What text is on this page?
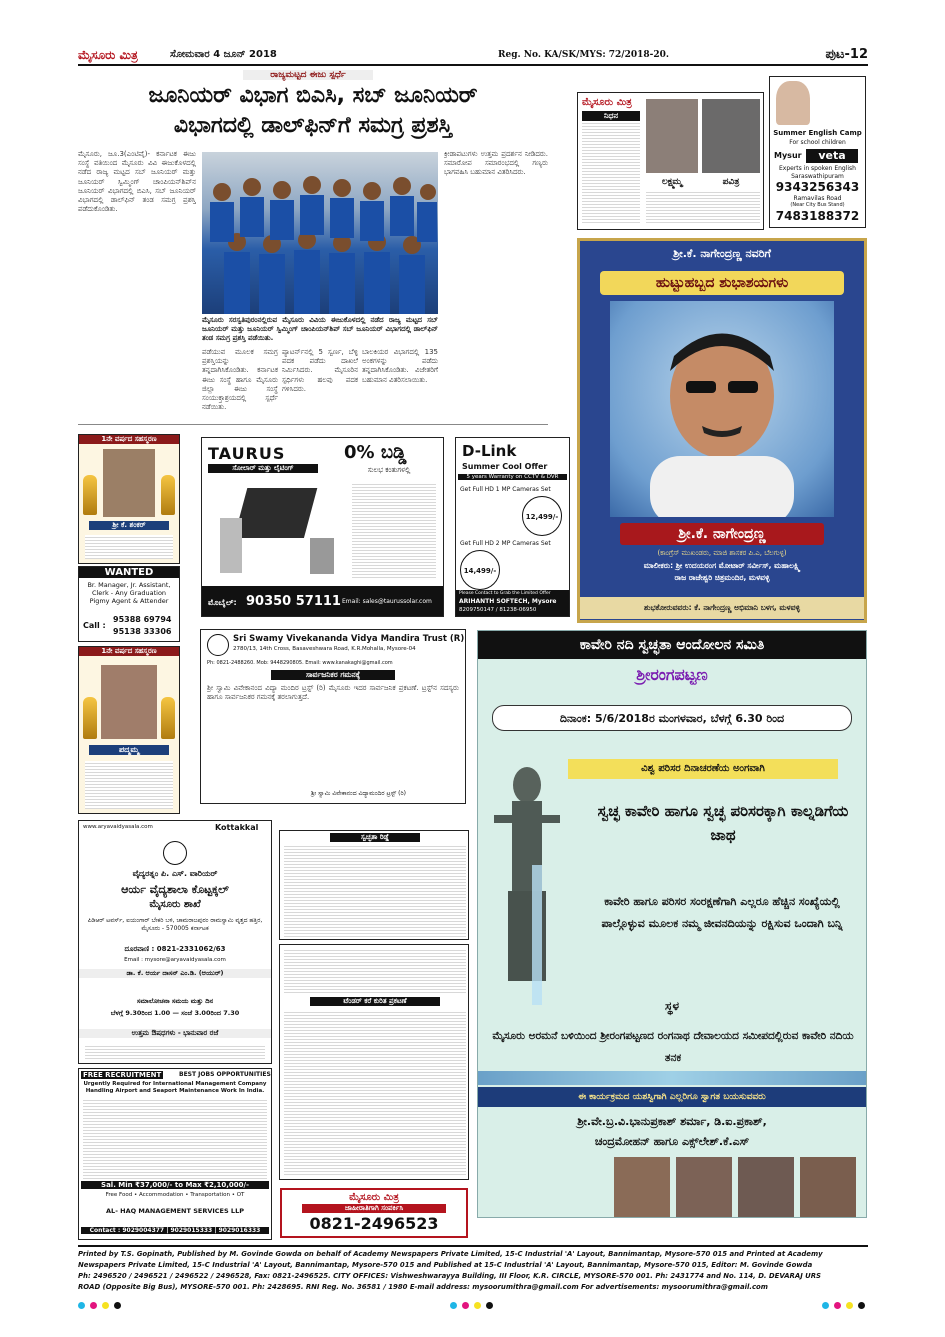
ಮೈಸೂರು ಮಿತ್ರ	ಸೋಮವಾರ 4 ಜೂನ್ 2018	Reg. No. KA/SK/MYS: 72/2018-20.	ಪುಟ-12
ರಾಜ್ಯಮಟ್ಟದ ಈಜು ಸ್ಪರ್ಧೆ
ಜೂನಿಯರ್ ವಿಭಾಗ ಬಿಎಸಿ, ಸಬ್ ಜೂನಿಯರ್
ವಿಭಾಗದಲ್ಲಿ ಡಾಲ್‌ಫಿನ್‌ಗೆ ಸಮಗ್ರ ಪ್ರಶಸ್ತಿ
ಮೈಸೂರು, ಜೂ.3(ಎಂಟಿವೈ)- ಕರ್ನಾಟಕ ಈಜು ಸಂಸ್ಥೆ ವತಿಯಿಂದ ಮೈಸೂರು ವಿವಿ ಈಜುಕೊಳದಲ್ಲಿ ನಡೆದ ರಾಜ್ಯ ಮಟ್ಟದ ಸಬ್ ಜೂನಿಯರ್ ಮತ್ತು ಜೂನಿಯರ್ ಸ್ವಿಮ್ಮಿಂಗ್ ಚಾಂಪಿಯನ್‌ಶಿಪ್‌ನ ಜೂನಿಯರ್ ವಿಭಾಗದಲ್ಲಿ ಬಿಎಸಿ, ಸಬ್ ಜೂನಿಯರ್ ವಿಭಾಗದಲ್ಲಿ ಡಾಲ್‌ಫಿನ್ ತಂಡ ಸಮಗ್ರ ಪ್ರಶಸ್ತಿ ಪಡೆದುಕೊಂಡಿತು.
ಮೈಸೂರು ಸರಸ್ವತಿಪುರಂನಲ್ಲಿರುವ ಮೈಸೂರು ವಿವಿಯ ಈಜುಕೊಳದಲ್ಲಿ ನಡೆದ ರಾಜ್ಯ ಮಟ್ಟದ ಸಬ್ ಜೂನಿಯರ್ ಮತ್ತು ಜೂನಿಯರ್ ಸ್ವಿಮ್ಮಿಂಗ್ ಚಾಂಪಿಯನ್‌ಶಿಪ್ ಸಬ್ ಜೂನಿಯರ್ ವಿಭಾಗದಲ್ಲಿ ಡಾಲ್‌ಫಿನ್ ತಂಡ ಸಮಗ್ರ ಪ್ರಶಸ್ತಿ ಪಡೆಯಿತು.
ಪಡೆಯುವ ಮೂಲಕ ಸಮಗ್ರ ಪ್ರಶಸ್ತಿಯನ್ನು ತನ್ನದಾಗಿಸಿಕೊಂಡಿತು. ಕರ್ನಾಟಕ ಈಜು ಸಂಸ್ಥೆ ಹಾಗೂ ಮೈಸೂರು ಜಿಲ್ಲಾ ಈಜು ಸಂಸ್ಥೆ ಸಂಯುಕ್ತಾಶ್ರಯದಲ್ಲಿ ಸ್ಪರ್ಧೆ ನಡೆಯಿತು.
ಪ್ಯಾಟರ್ನ್‌ನಲ್ಲಿ 5 ಸ್ವರ್ಣ, ಬೆಳ್ಳಿ ಪದಕ ಪಡೆದು ದಾಖಲೆ ನಿರ್ಮಿಸಿದರು. ಮೈಸೂರಿನ ಸ್ಪರ್ಧಿಗಳು ಹಲವು ಪದಕ ಗಳಿಸಿದರು.
ಬಾಲಕಿಯರ ವಿಭಾಗದಲ್ಲಿ 135 ಅಂಕಗಳನ್ನು ಪಡೆದು ತನ್ನದಾಗಿಸಿಕೊಂಡಿತು. ವಿಜೇತರಿಗೆ ಬಹುಮಾನ ವಿತರಿಸಲಾಯಿತು.
ಕ್ರೀಡಾಪಟುಗಳು ಉತ್ತಮ ಪ್ರದರ್ಶನ ನೀಡಿದರು. ಸಮಾರೋಪ ಸಮಾರಂಭದಲ್ಲಿ ಗಣ್ಯರು ಭಾಗವಹಿಸಿ ಬಹುಮಾನ ವಿತರಿಸಿದರು.
ಮೈಸೂರು ಮಿತ್ರ
ನಿಧನ
ಲಕ್ಷ್ಮಮ್ಮ	ಪವಿತ್ರ
Summer English Camp
For school children
Mysur	veta
Experts in spoken English
Saraswathipuram
9343256343
Ramavilas Road
(Near City Bus Stand)
7483188372
ಶ್ರೀ.ಕೆ. ನಾಗೇಂದ್ರಣ್ಣ ನವರಿಗೆ
ಹುಟ್ಟುಹಬ್ಬದ ಶುಭಾಶಯಗಳು
ಶ್ರೀ.ಕೆ. ನಾಗೇಂದ್ರಣ್ಣ
(ಕಾಂಗ್ರೆಸ್ ಮುಖಂಡರು, ಮಾಜಿ ಶಾಸಕರ ಪಿ.ಎ, ಬೆಲಗುಳ್ಳ)
ಮಾಲೀಕರು: ಶ್ರೀ ಉದಯರಂಗ ಮೋಟಾರ್ ಸರ್ವೀಸ್, ಮಹಾಲಕ್ಷ್ಮಿ
ರಾಜ ರಾಜೇಶ್ವರಿ ಚಿತ್ರಮಂದಿರ, ಮಳವಳ್ಳಿ
ಶುಭಕೋರುವವರು: ಕೆ. ನಾಗೇಂದ್ರಣ್ಣ ಅಭಿಮಾನಿ ಬಳಗ, ಮಳವಳ್ಳಿ
1ನೇ ವರ್ಷದ ಸಹಸ್ಮರಣ
ಶ್ರೀ ಕೆ. ಶಂಕರ್
WANTED
Br. Manager, Jr. Assistant, Clerk - Any Graduation Pigmy Agent & Attender
Call :
95388 69794
95138 33306
1ನೇ ವರ್ಷದ ಸಹಸ್ಮರಣ
ಪದ್ಮಮ್ಮ
TAURUS	0% ಬಡ್ಡಿ
ಸುಲಭ ಕಂತುಗಳಲ್ಲಿ
ಸೋಲಾರ್ ಮತ್ತು ಲೈಟಿಂಗ್
ಮೊಬೈಲ್: 90350 57111 Email: sales@taurussolar.com
D-Link
Summer Cool Offer
5 years Warranty on CCTV & DVR
Get Full HD 1 MP Cameras Set
12,499/-
Get Full HD 2 MP Cameras Set
14,499/-
Please Contact to Grab the Limited Offer
ARIHANTH SOFTECH, Mysore
8209750147 / 81238-06950
Sri Swamy Vivekananda Vidya Mandira Trust (R)
2780/13, 14th Cross, Basaveshwara Road, K.R.Mohalla, Mysore-04
Ph: 0821-2488260. Mob: 9448290805. Email: www.kanakaghi@gmail.com
ಸಾರ್ವಜನಿಕರ ಗಮನಕ್ಕೆ
ಶ್ರೀ ಸ್ವಾಮಿ ವಿವೇಕಾನಂದ ವಿದ್ಯಾ ಮಂದಿರ ಟ್ರಸ್ಟ್ (ರಿ) ಮೈಸೂರು ಇದರ ಸಾರ್ವಜನಿಕ ಪ್ರಕಟಣೆ. ಟ್ರಸ್ಟ್‌ನ ಸದಸ್ಯರು ಹಾಗೂ ಸಾರ್ವಜನಿಕರ ಗಮನಕ್ಕೆ ತರಲಾಗುತ್ತದೆ.
ಶ್ರೀ ಸ್ವಾಮಿ ವಿವೇಕಾನಂದ ವಿದ್ಯಾಮಂದಿರ ಟ್ರಸ್ಟ್ (ರಿ)
ಕಾವೇರಿ ನದಿ ಸ್ವಚ್ಛತಾ ಆಂದೋಲನ ಸಮಿತಿ
ಶ್ರೀರಂಗಪಟ್ಟಣ
ದಿನಾಂಕ: 5/6/2018ರ ಮಂಗಳವಾರ, ಬೆಳಗ್ಗೆ 6.30 ರಿಂದ
ವಿಶ್ವ ಪರಿಸರ ದಿನಾಚರಣೆಯ ಅಂಗವಾಗಿ
ಸ್ವಚ್ಛ ಕಾವೇರಿ ಹಾಗೂ ಸ್ವಚ್ಛ ಪರಿಸರಕ್ಕಾಗಿ ಕಾಲ್ನಡಿಗೆಯ ಜಾಥ
ಕಾವೇರಿ ಹಾಗೂ ಪರಿಸರ ಸಂರಕ್ಷಣೆಗಾಗಿ ಎಲ್ಲರೂ ಹೆಚ್ಚಿನ ಸಂಖ್ಯೆಯಲ್ಲಿ ಪಾಲ್ಗೊಳ್ಳುವ ಮೂಲಕ ನಮ್ಮ ಜೀವನದಿಯನ್ನು ರಕ್ಷಿಸುವ ಒಂದಾಗಿ ಬನ್ನಿ
ಸ್ಥಳ
ಮೈಸೂರು ಅರಮನೆ ಬಳಿಯಿಂದ ಶ್ರೀರಂಗಪಟ್ಟಣದ ರಂಗನಾಥ ದೇವಾಲಯದ ಸಮೀಪದಲ್ಲಿರುವ ಕಾವೇರಿ ನದಿಯ ತನಕ
ಈ ಕಾರ್ಯಕ್ರಮದ ಯಶಸ್ವಿಗಾಗಿ ಎಲ್ಲರಿಗೂ ಸ್ವಾಗತ ಬಯಸುವವರು
ಶ್ರೀ.ವೇ.ಬ್ರ.ವಿ.ಭಾನುಪ್ರಕಾಶ್ ಶರ್ಮಾ, ಡಿ.ಐ.ಪ್ರಕಾಶ್,
ಚಂದ್ರಮೋಹನ್ ಹಾಗೂ ಎಕ್ಸ್‌ಲೇಶ್.ಕೆ.ಎಸ್
www.aryavaidyasala.com	Kottakkal
ವೈದ್ಯರತ್ನಂ ಪಿ. ಎಸ್. ವಾರಿಯರ್
ಆರ್ಯ ವೈದ್ಯಶಾಲಾ ಕೊಟ್ಟಕ್ಕಲ್
ಮೈಸೂರು ಶಾಖೆ
ಪಿಡಿಆರ್ ಟವರ್ಸ್, ಐಯಂಗಾರ್ ಬೇಕರಿ ಬಳಿ, ಚಾಮರಾಜಪುರಂ ರಾಮಸ್ವಾಮಿ ವೃತ್ತದ ಹತ್ತಿರ, ಮೈಸೂರು - 570005 ಕರ್ನಾಟಕ
ದೂರವಾಣಿ : 0821-2331062/63
Email : mysore@aryavaidyasala.com
ಡಾ. ಕೆ. ಆರ್ಯ ದಾಸನ್ ಎಂ.ಡಿ. (ಆಯುರ್)
ಸಮಾಲೋಚನಾ ಸಮಯ ಮತ್ತು ದಿನ
ಬೆಳಗ್ಗೆ 9.30ರಿಂದ 1.00 — ಸಂಜೆ 3.00ರಿಂದ 7.30
ಉತ್ತಮ ಔಷಧಗಳು - ಭಾನುವಾರ ರಜೆ
FREE RECRUITMENT	BEST JOBS OPPORTUNITIES
Urgently Required for International Management Company Handling Airport and Seaport Maintenance Work In India.
Sal. Min ₹37,000/- to Max ₹2,10,000/-
Free Food • Accommodation • Transportation • OT
AL- HAQ MANAGEMENT SERVICES LLP
Contact : 9029004377 | 9029015333 | 9029016333
ಸ್ವಚ್ಛತಾ ರಿಡ್ಡೆ
ಟೆಂಡರ್ ಕರೆ ಕುರಿತ ಪ್ರಕಟಣೆ
ಮೈಸೂರು ಮಿತ್ರ
ಜಾಹೀರಾತಿಗಾಗಿ ಸಂಪರ್ಕಿಸಿ
0821-2496523
Printed by T.S. Gopinath, Published by M. Govinde Gowda on behalf of Academy Newspapers Private Limited, 15-C Industrial 'A' Layout, Bannimantap, Mysore-570 015 and Printed at Academy
Newspapers Private Limited, 15-C Industrial 'A' Layout, Bannimantap, Mysore-570 015 and Published at 15-C Industrial 'A' Layout, Bannimantap, Mysore-570 015, Editor: M. Govinde Gowda
Ph: 2496520 / 2496521 / 2496522 / 2496528, Fax: 0821-2496525. CITY OFFICES: Vishweshwarayya Building, III Floor, K.R. CIRCLE, MYSORE-570 001. Ph: 2431774 and No. 114, D. DEVARAJ URS
ROAD (Opposite Big Bus), MYSORE-570 001. Ph: 2428695. RNI Reg. No. 36581 / 1980 E-mail address: mysoorumithra@gmail.com For advertisements: mysoorumithra@gmail.com
